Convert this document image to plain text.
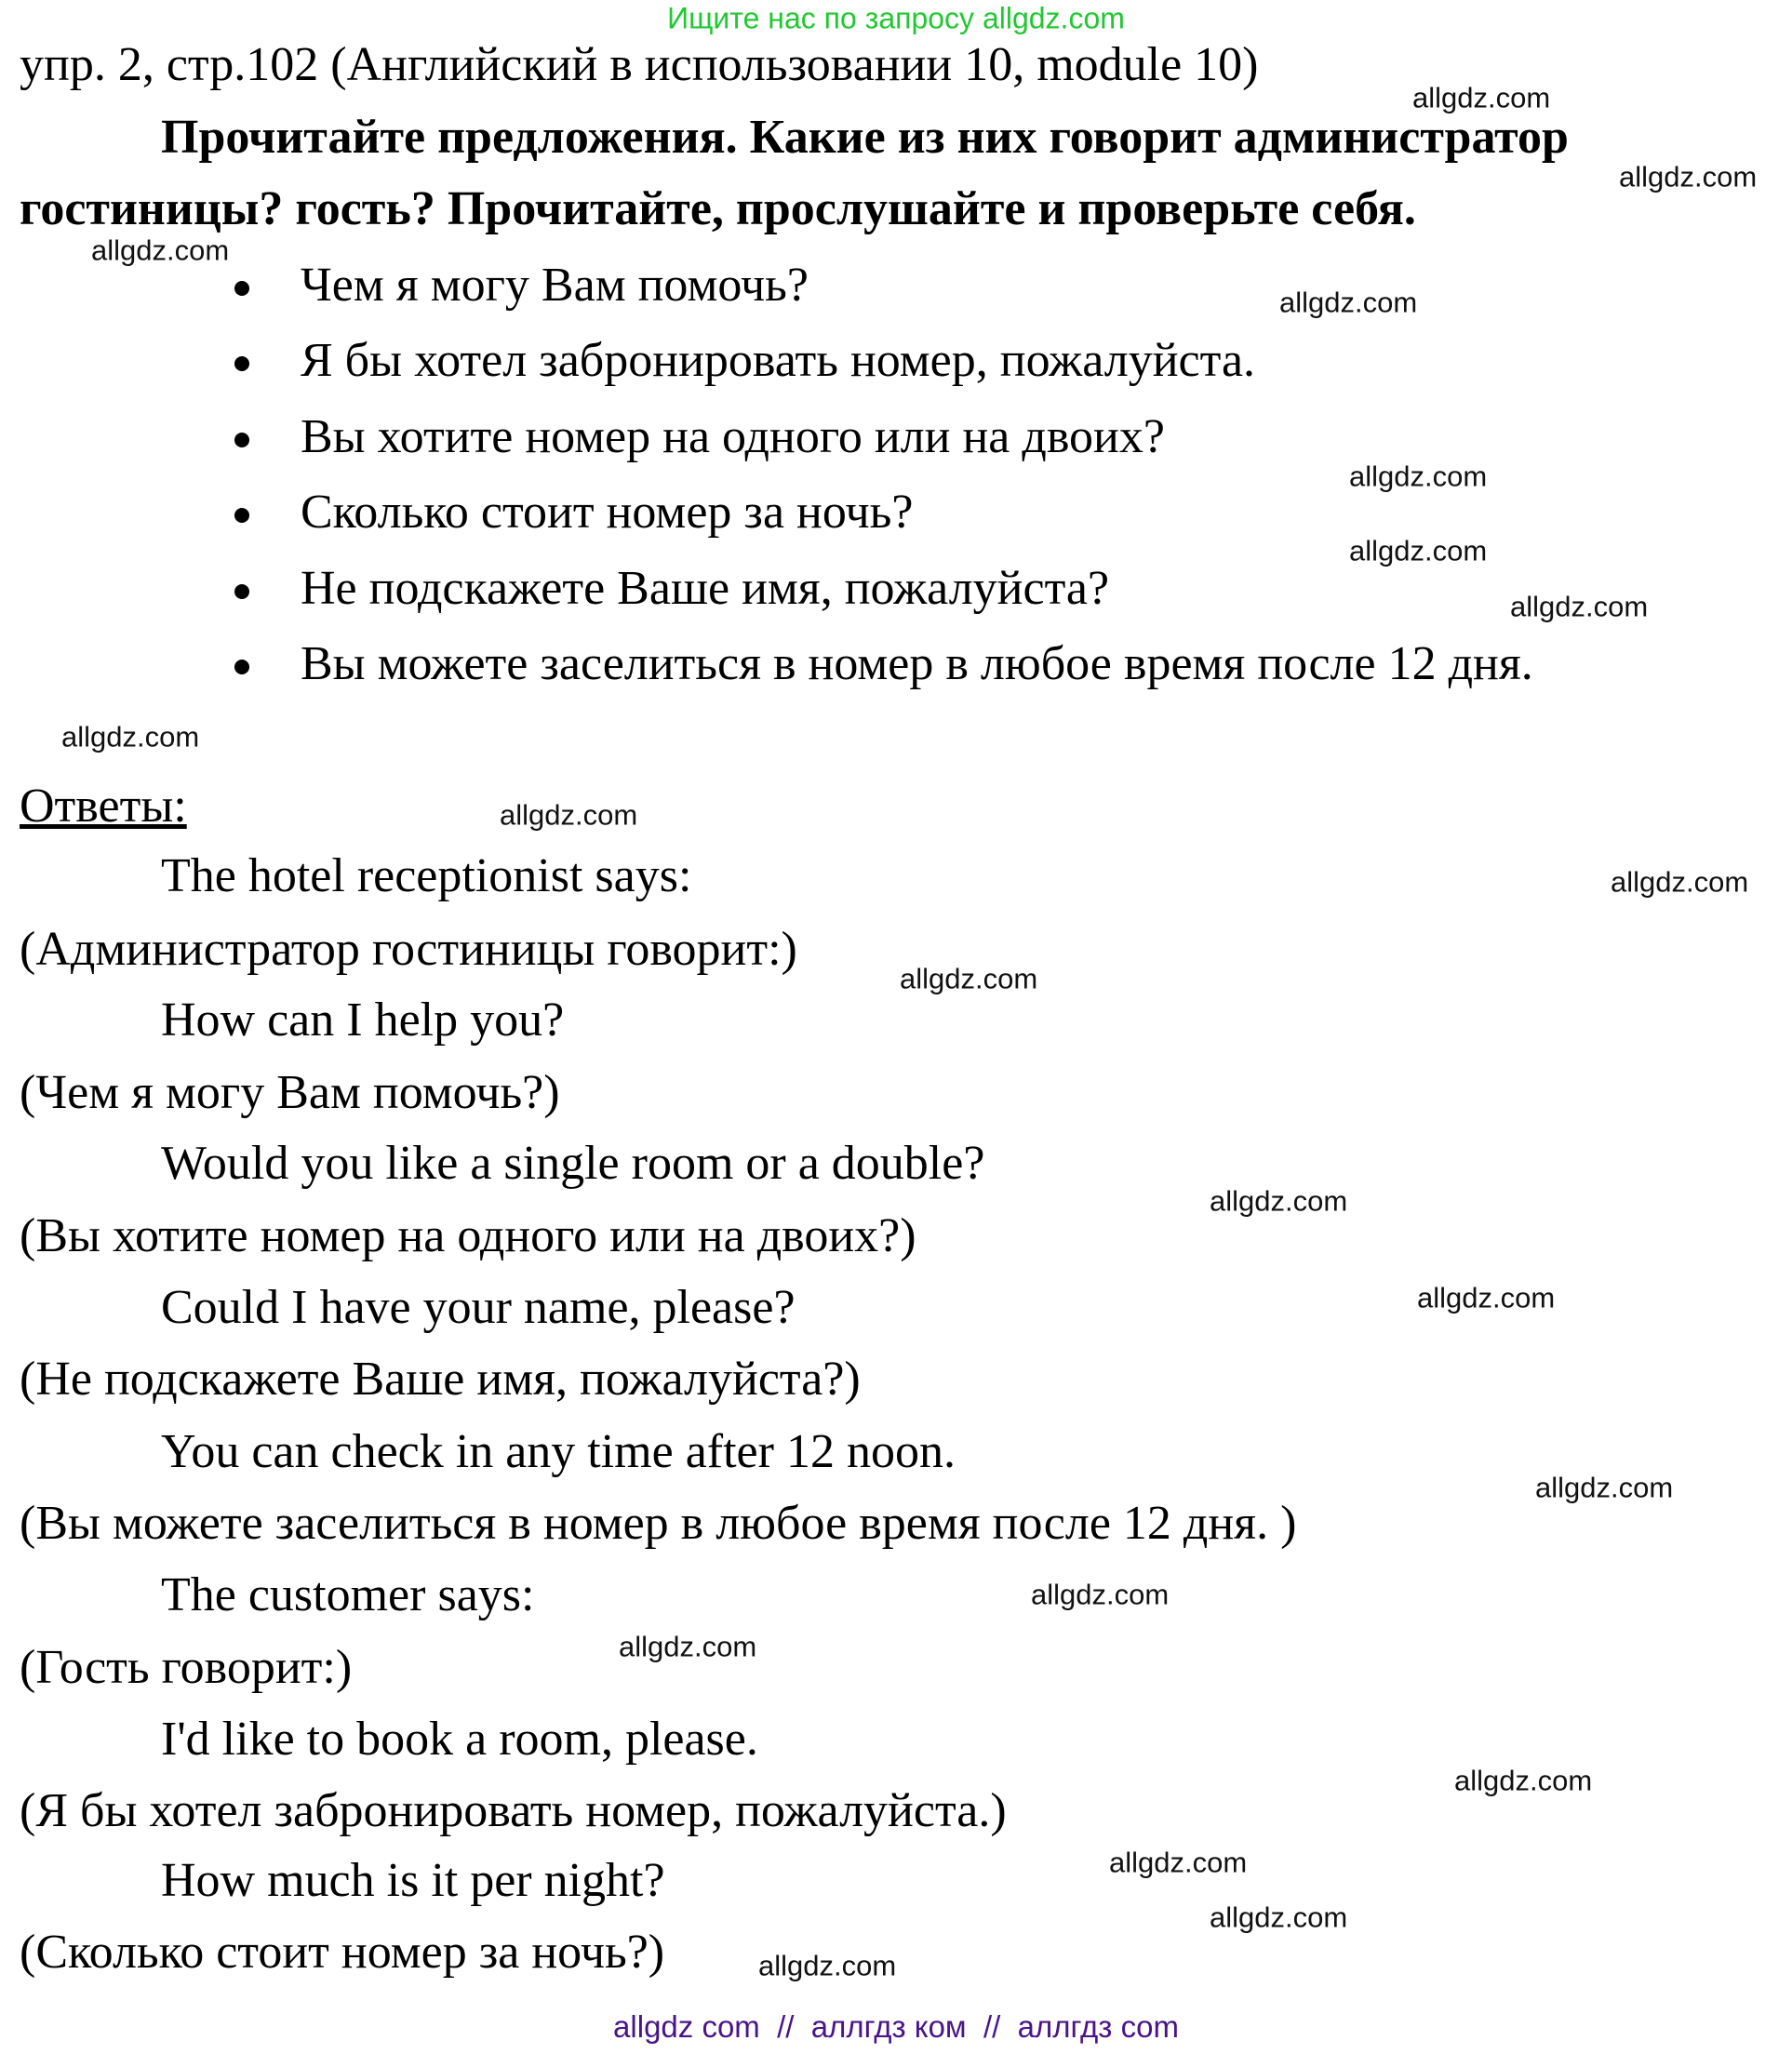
Ищите нас по запросу allgdz.com
упр. 2, стр.102 (Английский в использовании 10, module 10)
Прочитайте предложения. Какие из них говорит администратор
гостиницы? гость? Прочитайте, прослушайте и проверьте себя.
Чем я могу Вам помочь?
Я бы хотел забронировать номер, пожалуйста.
Вы хотите номер на одного или на двоих?
Сколько стоит номер за ночь?
Не подскажете Ваше имя, пожалуйста?
Вы можете заселиться в номер в любое время после 12 дня.
Ответы:
The hotel receptionist says:
(Администратор гостиницы говорит:)
How can I help you?
(Чем я могу Вам помочь?)
Would you like a single room or a double?
(Вы хотите номер на одного или на двоих?)
Could I have your name, please?
(Не подскажете Ваше имя, пожалуйста?)
You can check in any time after 12 noon.
(Вы можете заселиться в номер в любое время после 12 дня. )
The customer says:
(Гость говорит:)
I'd like to book a room, please.
(Я бы хотел забронировать номер, пожалуйста.)
How much is it per night?
(Сколько стоит номер за ночь?)
allgdz.com
allgdz.com
allgdz.com
allgdz.com
allgdz.com
allgdz.com
allgdz.com
allgdz.com
allgdz.com
allgdz.com
allgdz.com
allgdz.com
allgdz.com
allgdz.com
allgdz.com
allgdz.com
allgdz.com
allgdz.com
allgdz.com
allgdz.com
allgdz com  //  аллгдз ком  //  аллгдз com
